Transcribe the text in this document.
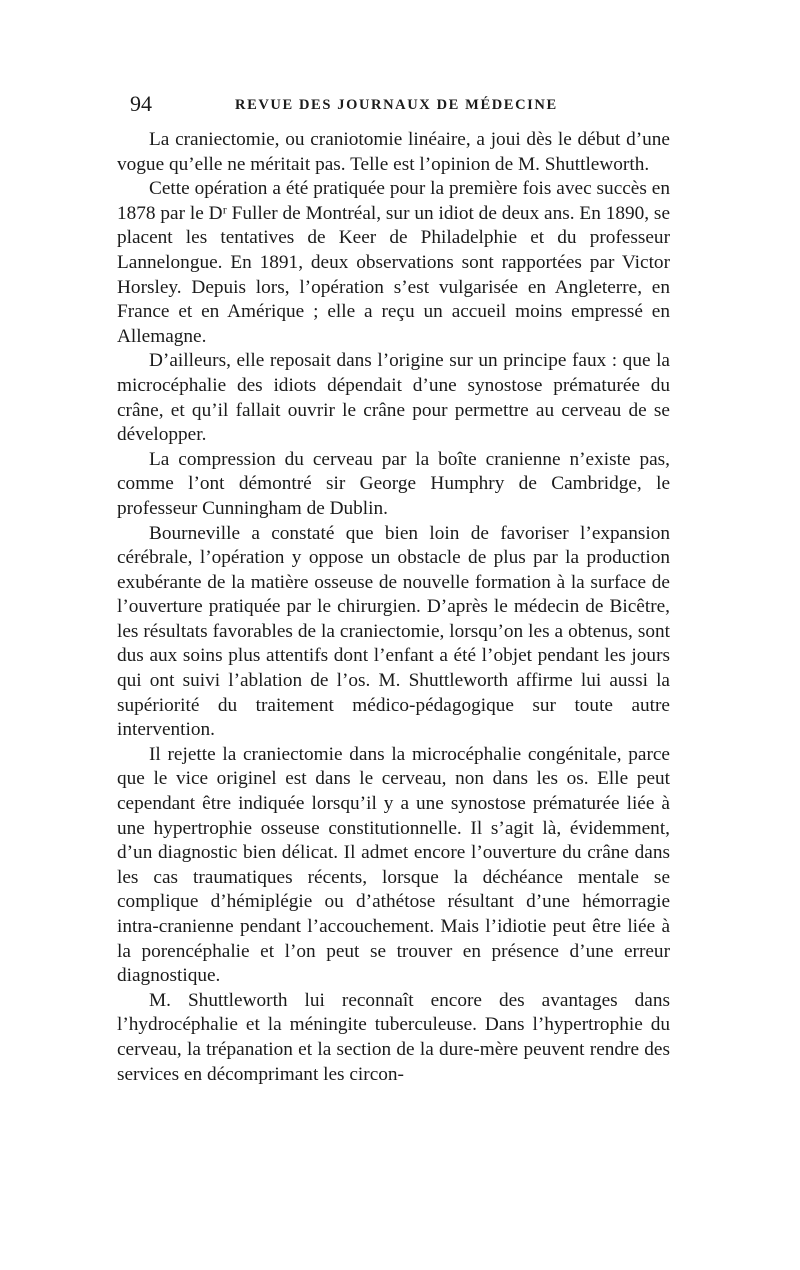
94	REVUE DES JOURNAUX DE MÉDECINE

La craniectomie, ou craniotomie linéaire, a joui dès le début d’une vogue qu’elle ne méritait pas. Telle est l’opinion de M. Shuttleworth.

Cette opération a été pratiquée pour la première fois avec succès en 1878 par le Dʳ Fuller de Montréal, sur un idiot de deux ans. En 1890, se placent les tentatives de Keer de Philadelphie et du professeur Lannelongue. En 1891, deux observations sont rapportées par Victor Horsley. Depuis lors, l’opération s’est vulgarisée en Angleterre, en France et en Amérique ; elle a reçu un accueil moins empressé en Allemagne.

D’ailleurs, elle reposait dans l’origine sur un principe faux : que la microcéphalie des idiots dépendait d’une synostose prématurée du crâne, et qu’il fallait ouvrir le crâne pour permettre au cerveau de se développer.

La compression du cerveau par la boîte cranienne n’existe pas, comme l’ont démontré sir George Humphry de Cambridge, le professeur Cunningham de Dublin.

Bourneville a constaté que bien loin de favoriser l’expansion cérébrale, l’opération y oppose un obstacle de plus par la production exubérante de la matière osseuse de nouvelle formation à la surface de l’ouverture pratiquée par le chirurgien. D’après le médecin de Bicêtre, les résultats favorables de la craniectomie, lorsqu’on les a obtenus, sont dus aux soins plus attentifs dont l’enfant a été l’objet pendant les jours qui ont suivi l’ablation de l’os. M. Shuttleworth affirme lui aussi la supériorité du traitement médico-pédagogique sur toute autre intervention.

Il rejette la craniectomie dans la microcéphalie congénitale, parce que le vice originel est dans le cerveau, non dans les os. Elle peut cependant être indiquée lorsqu’il y a une synostose prématurée liée à une hypertrophie osseuse constitutionnelle. Il s’agit là, évidemment, d’un diagnostic bien délicat. Il admet encore l’ouverture du crâne dans les cas traumatiques récents, lorsque la déchéance mentale se complique d’hémiplégie ou d’athétose résultant d’une hémorragie intra-cranienne pendant l’accouchement. Mais l’idiotie peut être liée à la porencéphalie et l’on peut se trouver en présence d’une erreur diagnostique.

M. Shuttleworth lui reconnaît encore des avantages dans l’hydrocéphalie et la méningite tuberculeuse. Dans l’hypertrophie du cerveau, la trépanation et la section de la dure-mère peuvent rendre des services en décomprimant les circon-
